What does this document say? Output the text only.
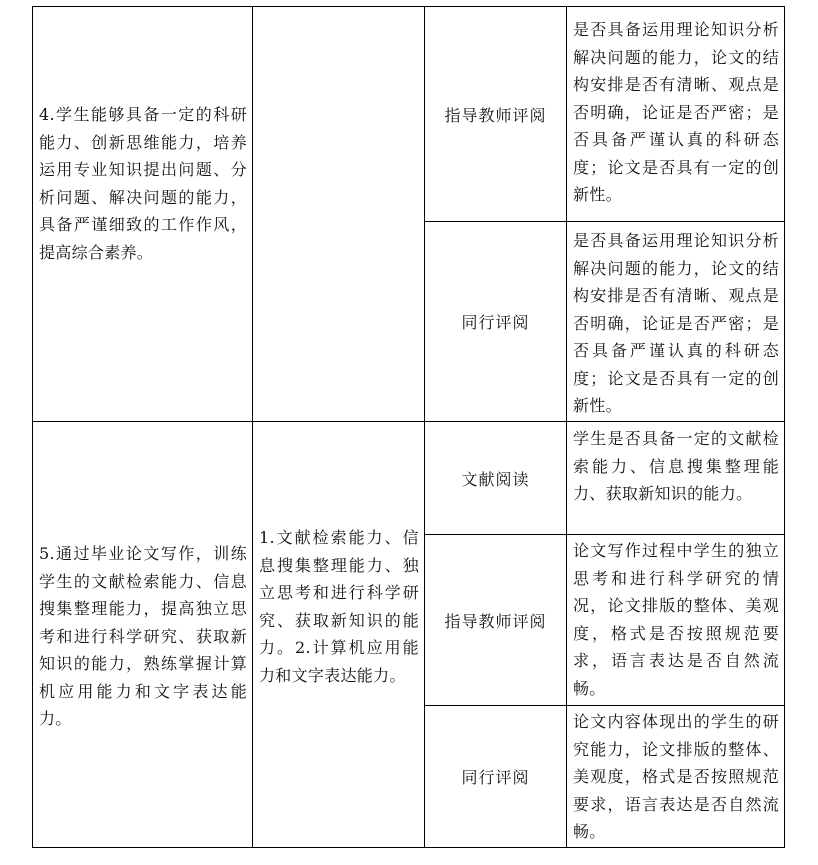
4.学生能够具备一定的科研能力、创新思维能力，培养运用专业知识提出问题、分析问题、解决问题的能力，具备严谨细致的工作作风，提高综合素养。
指导教师评阅
是否具备运用理论知识分析解决问题的能力，论文的结构安排是否有清晰、观点是否明确，论证是否严密；是否具备严谨认真的科研态度；论文是否具有一定的创新性。
同行评阅
是否具备运用理论知识分析解决问题的能力，论文的结构安排是否有清晰、观点是否明确，论证是否严密；是否具备严谨认真的科研态度；论文是否具有一定的创新性。
5.通过毕业论文写作，训练学生的文献检索能力、信息搜集整理能力，提高独立思考和进行科学研究、获取新知识的能力，熟练掌握计算机应用能力和文字表达能力。
1.文献检索能力、信息搜集整理能力、独立思考和进行科学研究、获取新知识的能力。2.计算机应用能力和文字表达能力。
文献阅读
学生是否具备一定的文献检索能力、信息搜集整理能力、获取新知识的能力。
指导教师评阅
论文写作过程中学生的独立思考和进行科学研究的情况，论文排版的整体、美观度，格式是否按照规范要求，语言表达是否自然流畅。
同行评阅
论文内容体现出的学生的研究能力，论文排版的整体、美观度，格式是否按照规范要求，语言表达是否自然流畅。
